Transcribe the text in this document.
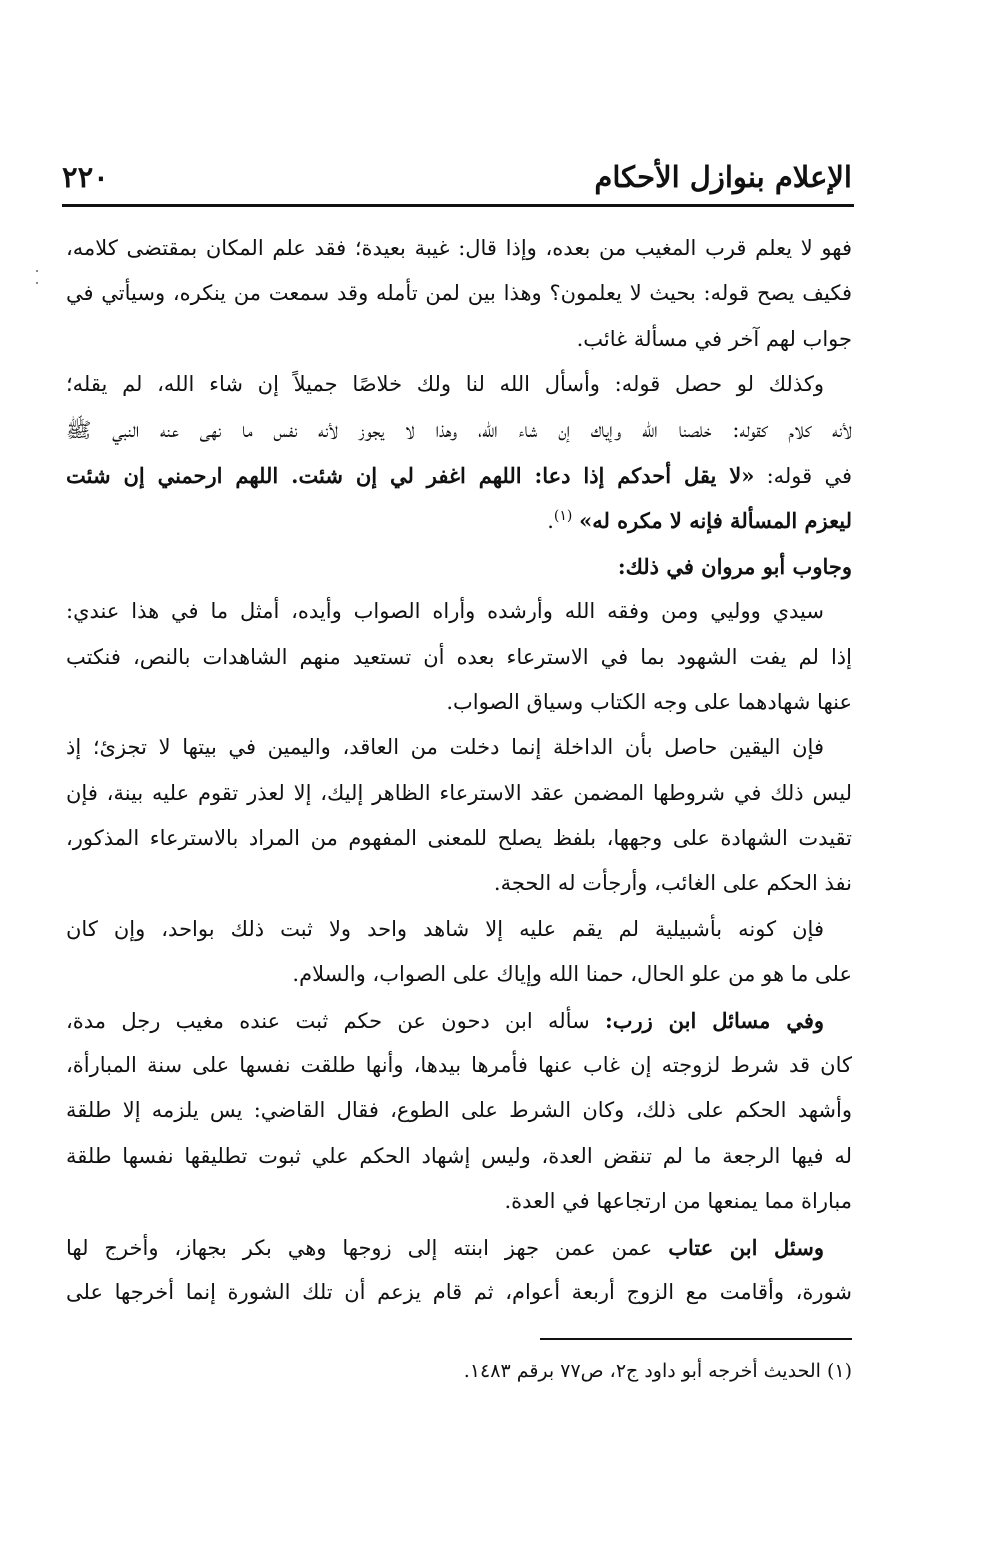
الإعلام بنوازل الأحكام
٢٢٠
فهو لا يعلم قرب المغيب من بعده، وإذا قال: غيبة بعيدة؛ فقد علم المكان بمقتضى كلامه،
فكيف يصح قوله: بحيث لا يعلمون؟ وهذا بين لمن تأمله وقد سمعت من ينكره، وسيأتي في
جواب لهم آخر في مسألة غائب.
وكذلك لو حصل قوله: وأسأل الله لنا ولك خلاصًا جميلاً إن شاء الله، لم يقله؛
لأنه كلام كقوله: خلصنا الله وإياك إن شاء الله، وهذا لا يجوز لأنه نفس ما نهى عنه النبي ﷺ
في قوله: «لا يقل أحدكم إذا دعا: اللهم اغفر لي إن شئت. اللهم ارحمني إن شئت
ليعزم المسألة فإنه لا مكره له» $^{(١)}$.
وجاوب أبو مروان في ذلك:
سيدي ووليي ومن وفقه الله وأرشده وأراه الصواب وأيده، أمثل ما في هذا عندي:
إذا لم يفت الشهود بما في الاسترعاء بعده أن تستعيد منهم الشاهدات بالنص، فنكتب
عنها شهادهما على وجه الكتاب وسياق الصواب.
فإن اليقين حاصل بأن الداخلة إنما دخلت من العاقد، واليمين في بيتها لا تجزئ؛ إذ
ليس ذلك في شروطها المضمن عقد الاسترعاء الظاهر إليك، إلا لعذر تقوم عليه بينة، فإن
تقيدت الشهادة على وجهها، بلفظ يصلح للمعنى المفهوم من المراد بالاسترعاء المذكور،
نفذ الحكم على الغائب، وأرجأت له الحجة.
فإن كونه بأشبيلية لم يقم عليه إلا شاهد واحد ولا ثبت ذلك بواحد، وإن كان
على ما هو من علو الحال، حمنا الله وإياك على الصواب، والسلام.
وفي مسائل ابن زرب: سأله ابن دحون عن حكم ثبت عنده مغيب رجل مدة،
كان قد شرط لزوجته إن غاب عنها فأمرها بيدها، وأنها طلقت نفسها على سنة المبارأة،
وأشهد الحكم على ذلك، وكان الشرط على الطوع، فقال القاضي: يس يلزمه إلا طلقة
له فيها الرجعة ما لم تنقض العدة، وليس إشهاد الحكم علي ثبوت تطليقها نفسها طلقة
مباراة مما يمنعها من ارتجاعها في العدة.
وسئل ابن عتاب عمن عمن جهز ابنته إلى زوجها وهي بكر بجهاز، وأخرج لها
شورة، وأقامت مع الزوج أربعة أعوام، ثم قام يزعم أن تلك الشورة إنما أخرجها على
(١) الحديث أخرجه أبو داود ج٢، ص٧٧ برقم ١٤٨٣.
